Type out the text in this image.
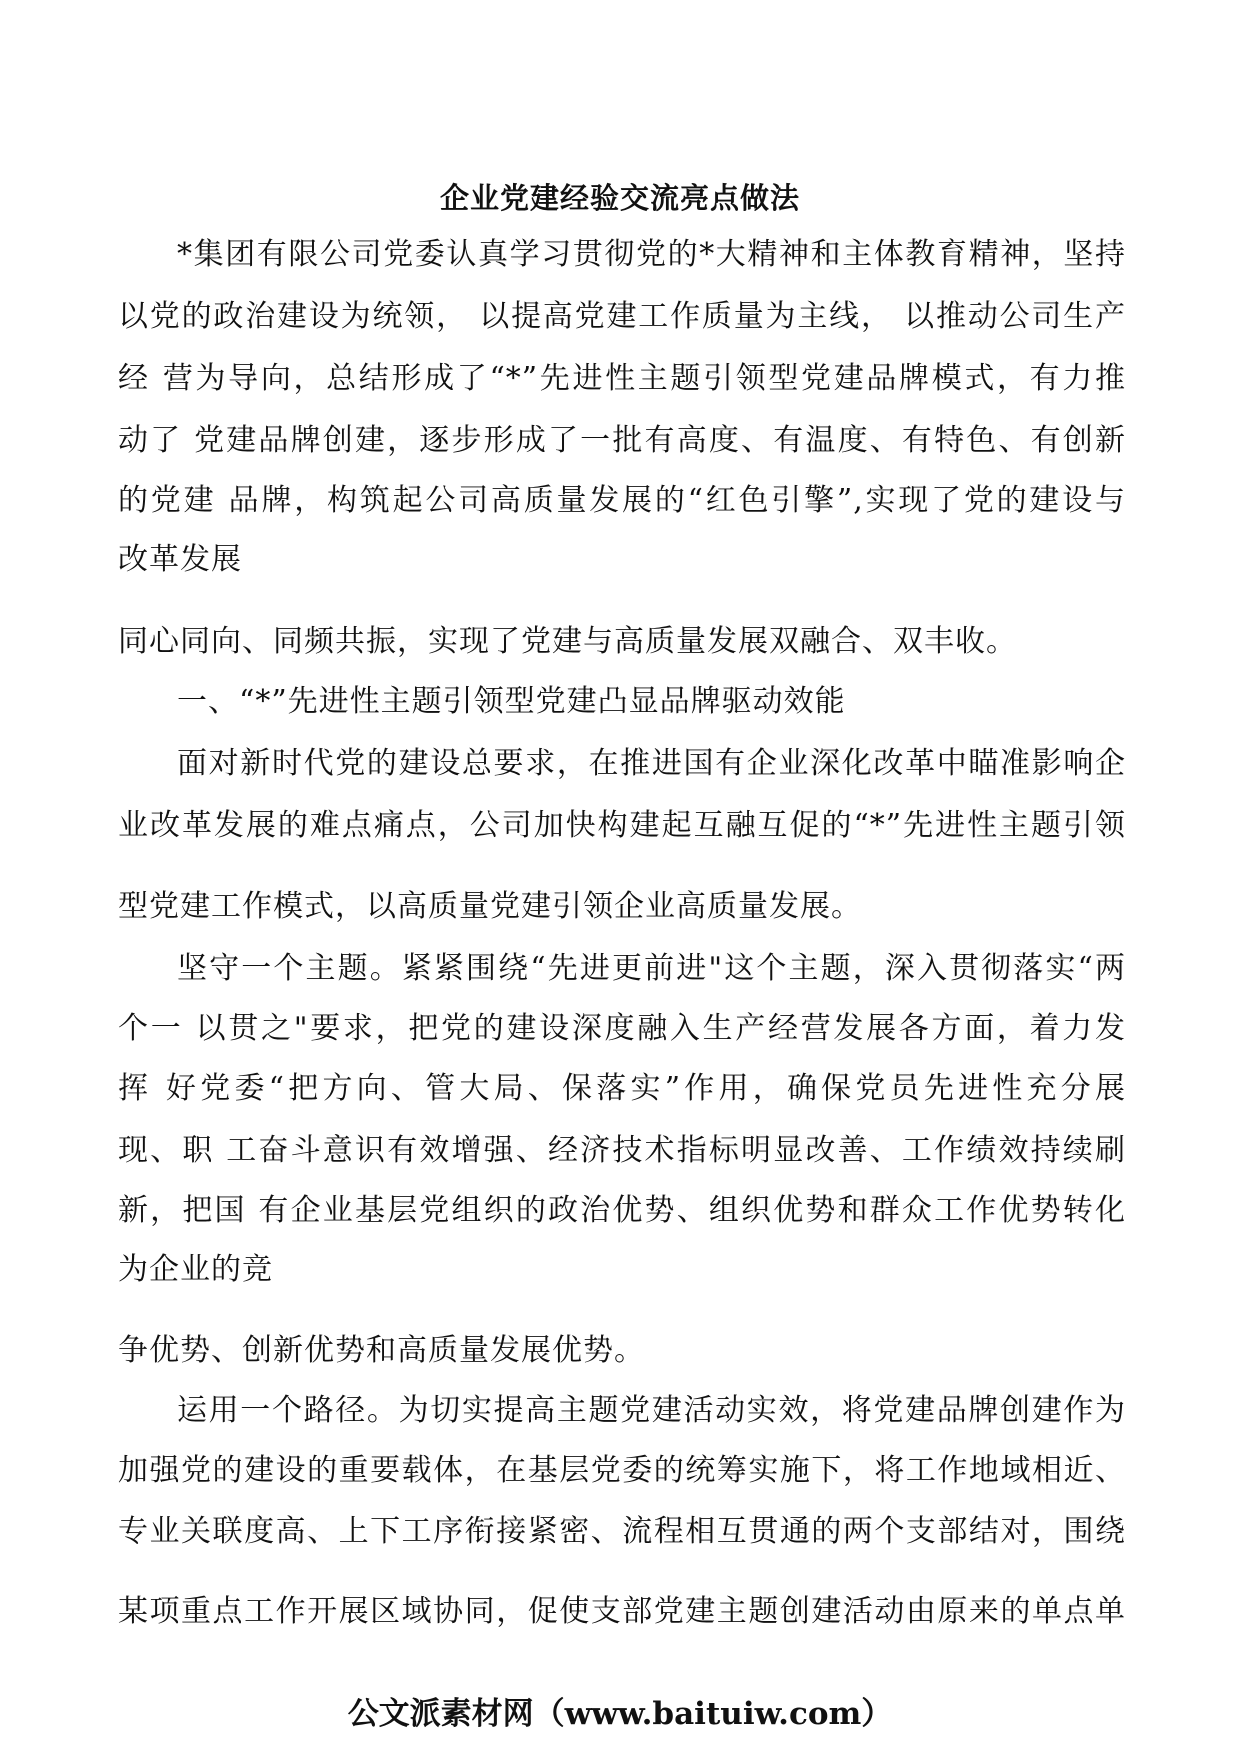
企业党建经验交流亮点做法
*集团有限公司党委认真学习贯彻党的*大精神和主体教育精神，坚持
以党的政治建设为统领， 以提高党建工作质量为主线， 以推动公司生产
经 营为导向，总结形成了“*”先进性主题引领型党建品牌模式，有力推
动了 党建品牌创建，逐步形成了一批有高度、有温度、有特色、有创新
的党建 品牌，构筑起公司高质量发展的“红色引擎”,实现了党的建设与
改革发展
同心同向、同频共振，实现了党建与高质量发展双融合、双丰收。
一、“*”先进性主题引领型党建凸显品牌驱动效能
面对新时代党的建设总要求，在推进国有企业深化改革中瞄准影响企
业改革发展的难点痛点，公司加快构建起互融互促的“*”先进性主题引领
型党建工作模式，以高质量党建引领企业高质量发展。
坚守一个主题。紧紧围绕“先进更前进"这个主题，深入贯彻落实“两
个一 以贯之"要求，把党的建设深度融入生产经营发展各方面，着力发
挥 好党委“把方向、管大局、保落实”作用，确保党员先进性充分展
现、职 工奋斗意识有效增强、经济技术指标明显改善、工作绩效持续刷
新，把国 有企业基层党组织的政治优势、组织优势和群众工作优势转化
为企业的竞
争优势、创新优势和高质量发展优势。
运用一个路径。为切实提高主题党建活动实效，将党建品牌创建作为
加强党的建设的重要载体，在基层党委的统筹实施下，将工作地域相近、
专业关联度高、上下工序衔接紧密、流程相互贯通的两个支部结对，围绕
某项重点工作开展区域协同，促使支部党建主题创建活动由原来的单点单
公文派素材网（www.baituiw.com）
